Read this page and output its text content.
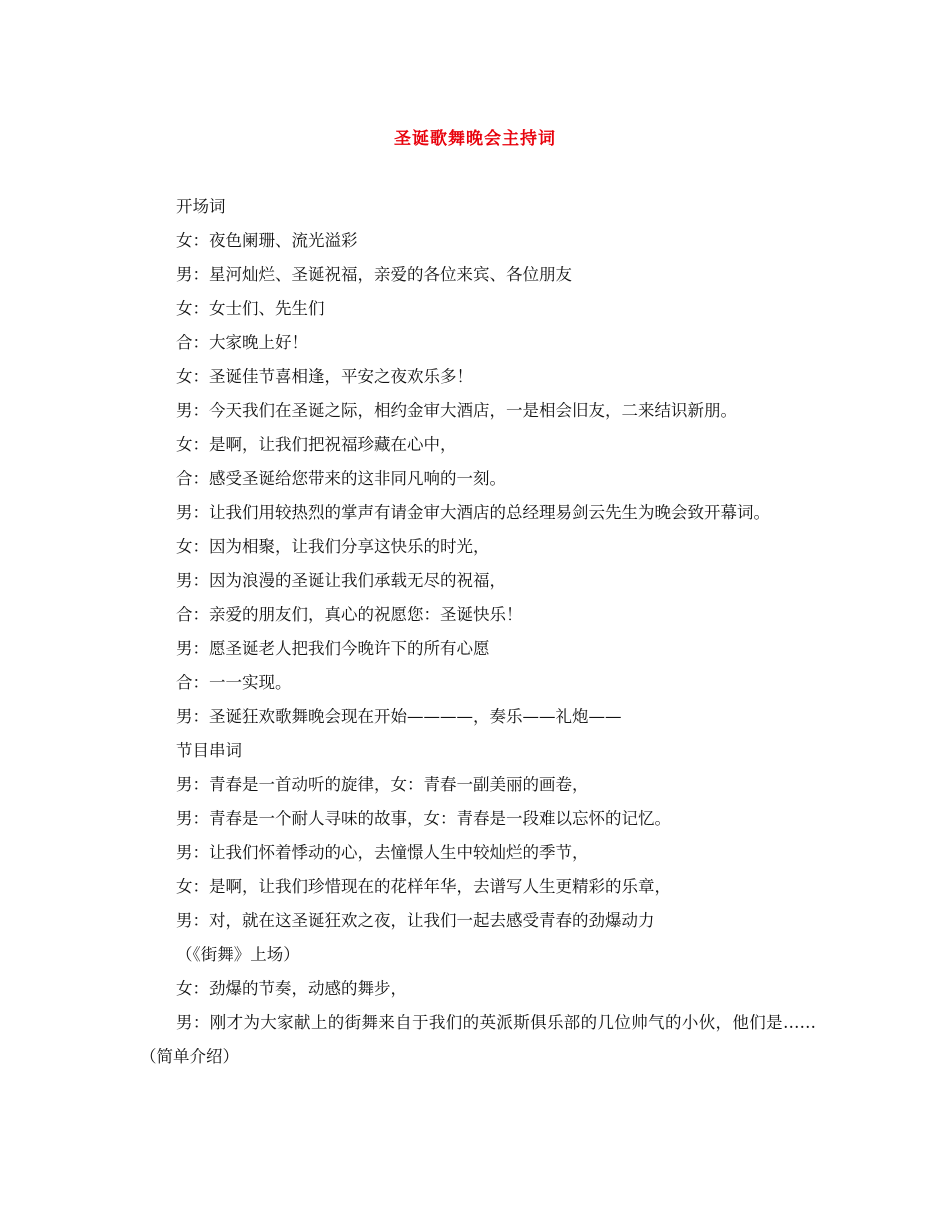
圣诞歌舞晚会主持词

开场词

女：夜色阑珊、流光溢彩

男：星河灿烂、圣诞祝福，亲爱的各位来宾、各位朋友

女：女士们、先生们

合：大家晚上好！

女：圣诞佳节喜相逢，平安之夜欢乐多！

男：今天我们在圣诞之际，相约金审大酒店，一是相会旧友，二来结识新朋。

女：是啊，让我们把祝福珍藏在心中，

合：感受圣诞给您带来的这非同凡响的一刻。

男：让我们用较热烈的掌声有请金审大酒店的总经理易剑云先生为晚会致开幕词。

女：因为相聚，让我们分享这快乐的时光，

男：因为浪漫的圣诞让我们承载无尽的祝福，

合：亲爱的朋友们，真心的祝愿您：圣诞快乐！

男：愿圣诞老人把我们今晚许下的所有心愿

合：一一实现。

男：圣诞狂欢歌舞晚会现在开始————，奏乐——礼炮——

节目串词

男：青春是一首动听的旋律，女：青春一副美丽的画卷，

男：青春是一个耐人寻味的故事，女：青春是一段难以忘怀的记忆。

男：让我们怀着悸动的心，去憧憬人生中较灿烂的季节，

女：是啊，让我们珍惜现在的花样年华，去谱写人生更精彩的乐章，

男：对，就在这圣诞狂欢之夜，让我们一起去感受青春的劲爆动力

（《街舞》上场）

女：劲爆的节奏，动感的舞步，

男：刚才为大家献上的街舞来自于我们的英派斯俱乐部的几位帅气的小伙，他们是……（简单介绍）
